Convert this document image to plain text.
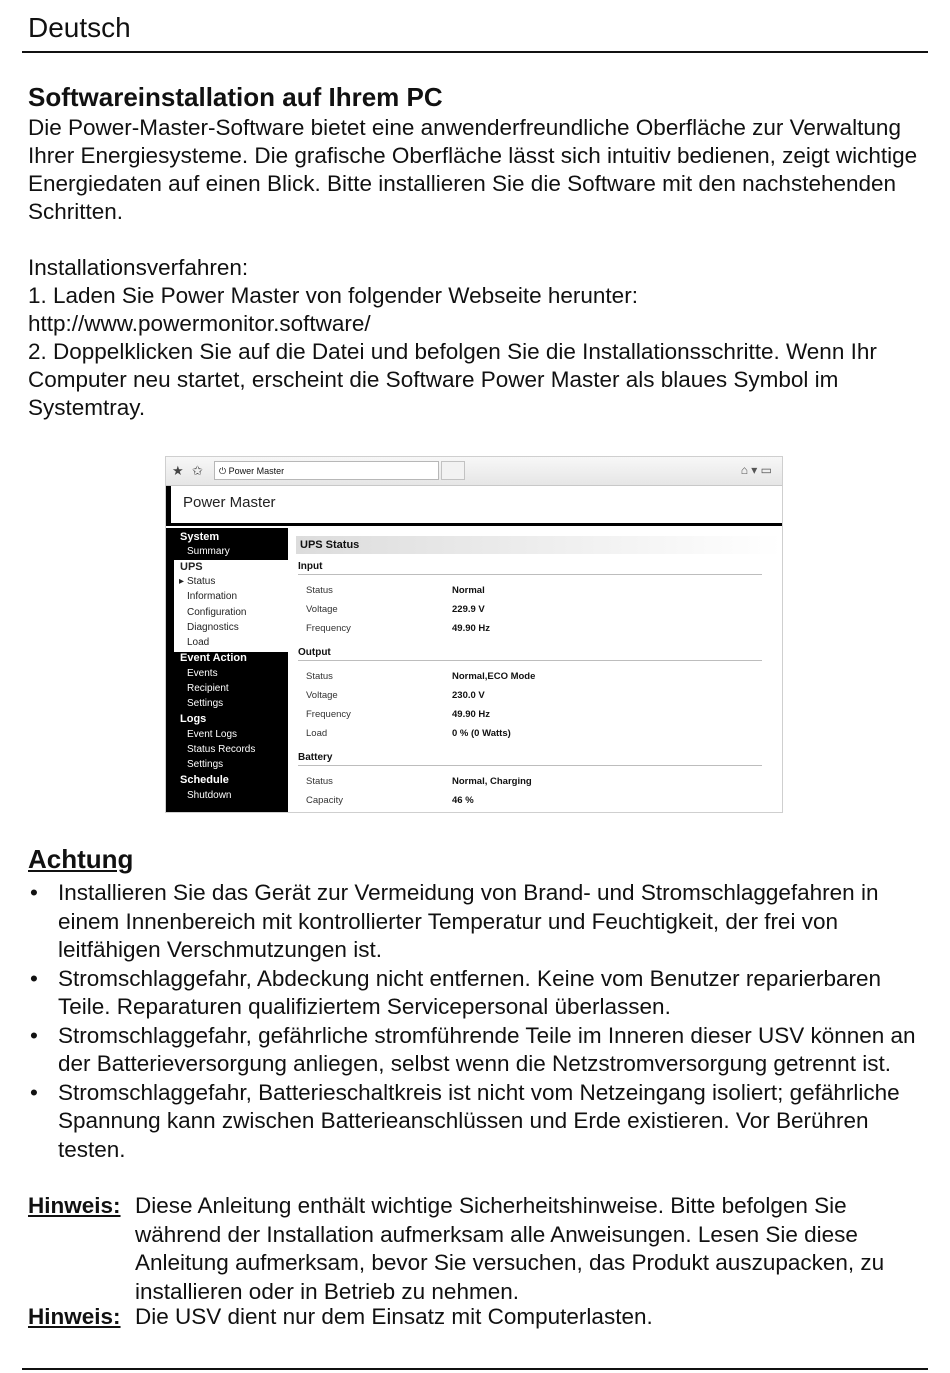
Deutsch
Softwareinstallation auf Ihrem PC

Die Power-Master-Software bietet eine anwenderfreundliche Oberfläche zur Verwaltung Ihrer Energiesysteme. Die grafische Oberfläche lässt sich intuitiv bedienen, zeigt wichtige Energiedaten auf einen Blick. Bitte installieren Sie die Software mit den nachstehenden Schritten.

Installationsverfahren:

1. Laden Sie Power Master von folgender Webseite herunter:

http://www.powermonitor.software/

2. Doppelklicken Sie auf die Datei und befolgen Sie die Installationsschritte. Wenn Ihr Computer neu startet, erscheint die Software Power Master als blaues Symbol im Systemtray.

★ ✩	⏻ Power Master	⌂ ▾ ▭
Power Master
System
Summary
UPS
▸ Status
Information
Configuration
Diagnostics
Load
Event Action
Events
Recipient
Settings
Logs
Event Logs
Status Records
Settings
Schedule
Shutdown
UPS Status
Input
Status	Normal
Voltage	229.9 V
Frequency	49.90 Hz
Output
Status	Normal,ECO Mode
Voltage	230.0 V
Frequency	49.90 Hz
Load	0 % (0 Watts)
Battery
Status	Normal, Charging
Capacity	46 %
Achtung
• Installieren Sie das Gerät zur Vermeidung von Brand- und Stromschlaggefahren in einem Innenbereich mit kontrollierter Temperatur und Feuchtigkeit, der frei von leitfähigen Verschmutzungen ist.
• Stromschlaggefahr, Abdeckung nicht entfernen. Keine vom Benutzer reparierbaren Teile. Reparaturen qualifiziertem Servicepersonal überlassen.
• Stromschlaggefahr, gefährliche stromführende Teile im Inneren dieser USV können an der Batterieversorgung anliegen, selbst wenn die Netzstromversorgung getrennt ist.
• Stromschlaggefahr, Batterieschaltkreis ist nicht vom Netzeingang isoliert; gefährliche Spannung kann zwischen Batterieanschlüssen und Erde existieren. Vor Berühren testen.
Hinweis: Diese Anleitung enthält wichtige Sicherheitshinweise. Bitte befolgen Sie während der Installation aufmerksam alle Anweisungen. Lesen Sie diese Anleitung aufmerksam, bevor Sie versuchen, das Produkt auszupacken, zu installieren oder in Betrieb zu nehmen.
Hinweis: Die USV dient nur dem Einsatz mit Computerlasten.
